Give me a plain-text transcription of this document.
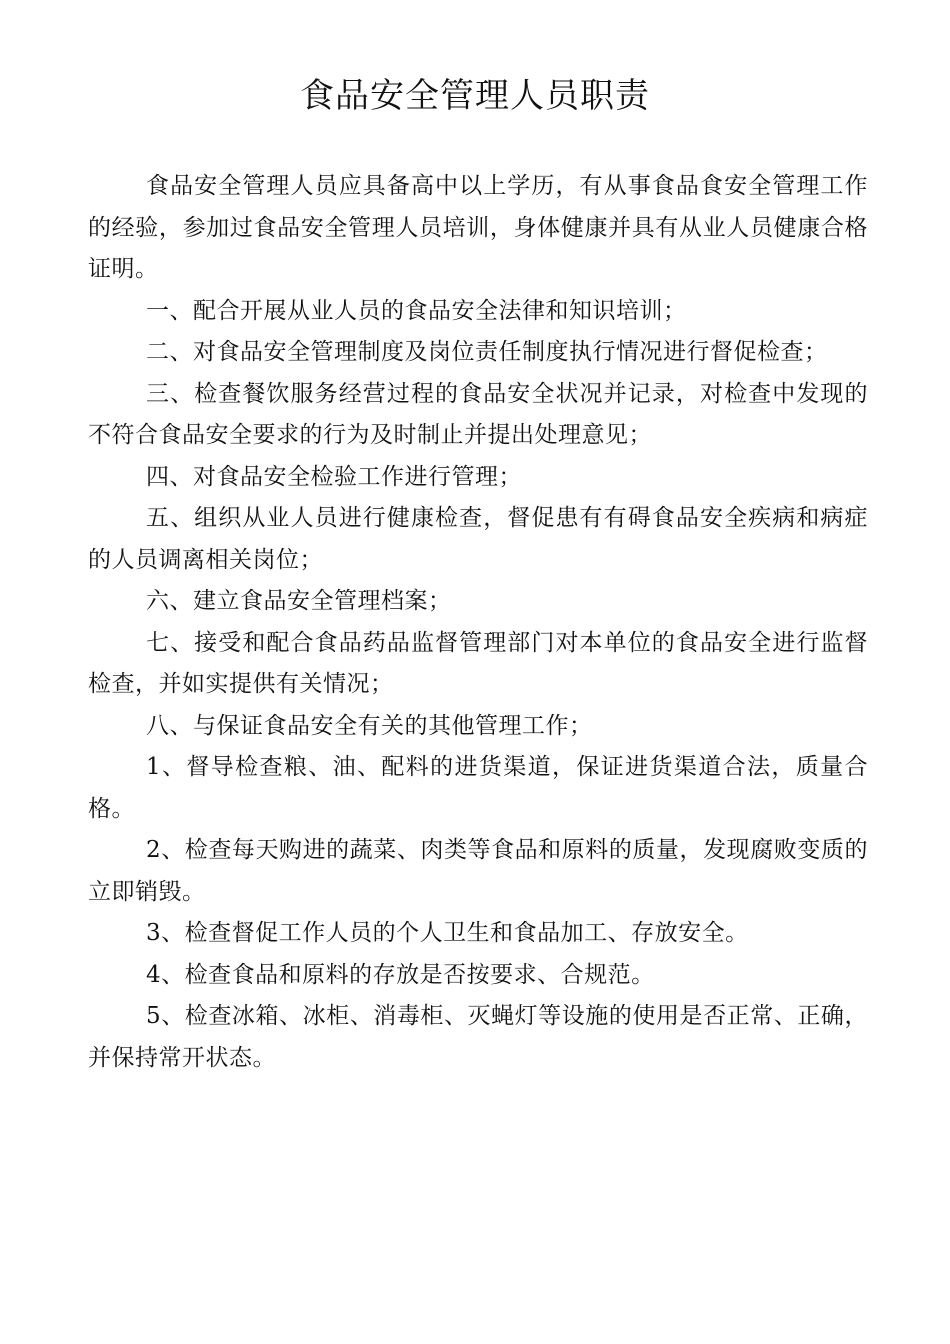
食品安全管理人员职责

食品安全管理人员应具备高中以上学历，有从事食品食安全管理工作的经验，参加过食品安全管理人员培训，身体健康并具有从业人员健康合格证明。

一、配合开展从业人员的食品安全法律和知识培训；

二、对食品安全管理制度及岗位责任制度执行情况进行督促检查；

三、检查餐饮服务经营过程的食品安全状况并记录，对检查中发现的不符合食品安全要求的行为及时制止并提出处理意见；

四、对食品安全检验工作进行管理；

五、组织从业人员进行健康检查，督促患有有碍食品安全疾病和病症的人员调离相关岗位；

六、建立食品安全管理档案；

七、接受和配合食品药品监督管理部门对本单位的食品安全进行监督检查，并如实提供有关情况；

八、与保证食品安全有关的其他管理工作；

1、督导检查粮、油、配料的进货渠道，保证进货渠道合法，质量合格。

2、检查每天购进的蔬菜、肉类等食品和原料的质量，发现腐败变质的立即销毁。

3、检查督促工作人员的个人卫生和食品加工、存放安全。

4、检查食品和原料的存放是否按要求、合规范。

5、检查冰箱、冰柜、消毒柜、灭蝇灯等设施的使用是否正常、正确，并保持常开状态。
